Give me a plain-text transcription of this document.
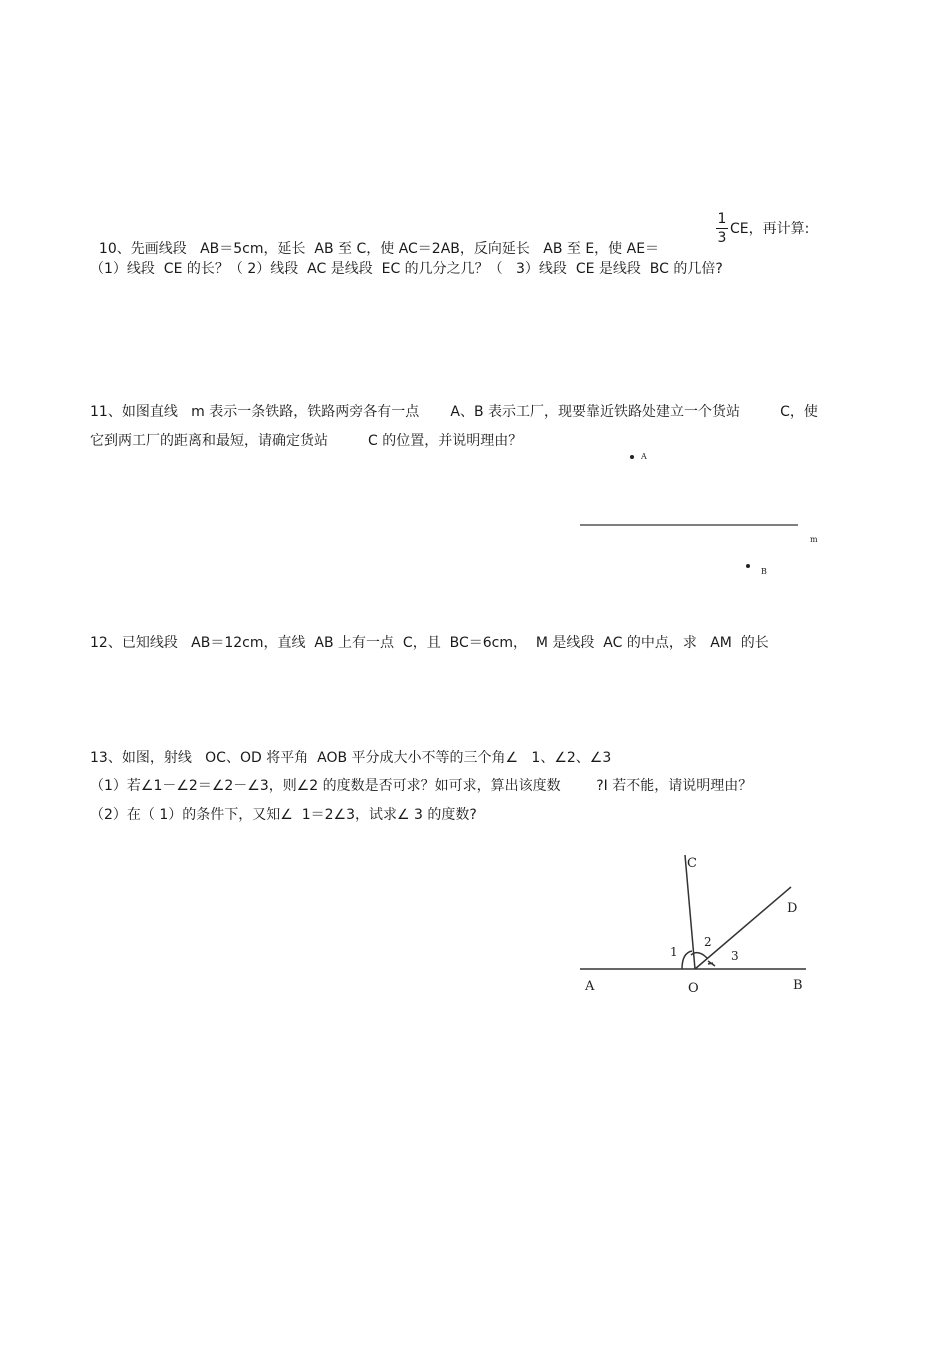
10、先画线段   AB＝5cm，延长  AB 至 C，使 AC＝2AB，反向延长   AB 至 E，使 AE＝

1
3
CE，再计算:
（1）线段  CE 的长？（ 2）线段  AC 是线段  EC 的几分之几？（   3）线段  CE 是线段  BC 的几倍?
11、如图直线   m 表示一条铁路，铁路两旁各有一点       A、B 表示工厂，现要靠近铁路处建立一个货站         C，使
它到两工厂的距离和最短，请确定货站         C 的位置，并说明理由？
A
m
B
12、已知线段   AB＝12cm，直线  AB 上有一点  C，且  BC＝6cm，  M 是线段  AC 的中点，求   AM  的长
13、如图，射线   OC、OD 将平角  AOB 平分成大小不等的三个角∠   1、∠2、∠3
（1）若∠1－∠2＝∠2－∠3，则∠2 的度数是否可求？如可求，算出该度数        ?I 若不能，请说明理由？
（2）在（ 1）的条件下，又知∠  1＝2∠3，试求∠ 3 的度数?
C
D
1
2
3
A	O	B
